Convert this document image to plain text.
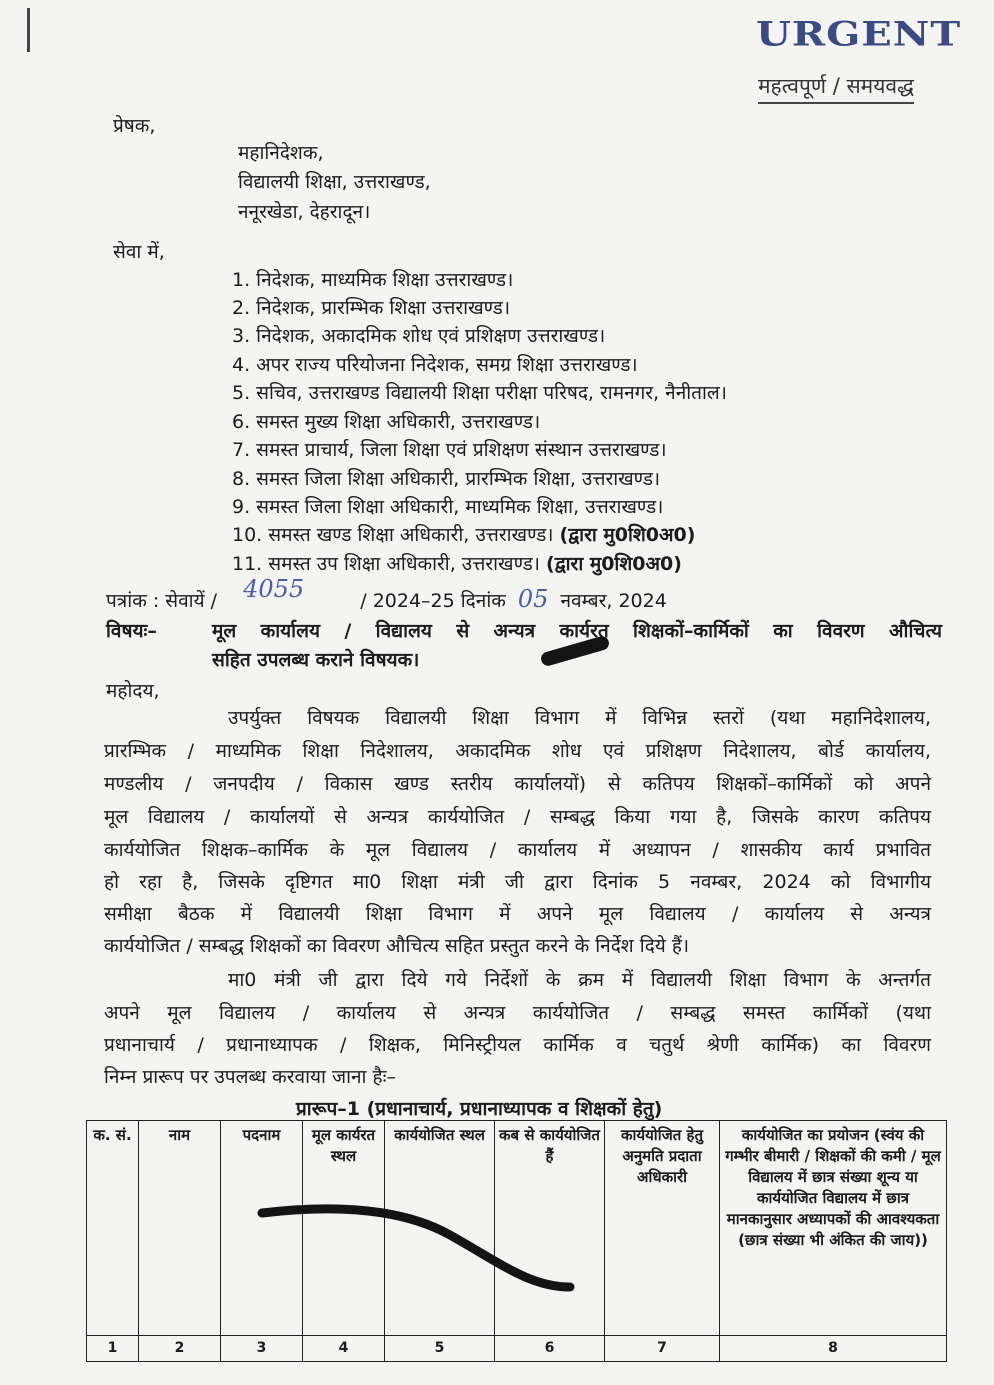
URGENT
महत्वपूर्ण / समयवद्ध
प्रेषक,
महानिदेशक,
विद्यालयी शिक्षा, उत्तराखण्ड,
ननूरखेडा, देहरादून।
सेवा में,
1. निदेशक, माध्यमिक शिक्षा उत्तराखण्ड।
2. निदेशक, प्रारम्भिक शिक्षा उत्तराखण्ड।
3. निदेशक, अकादमिक शोध एवं प्रशिक्षण उत्तराखण्ड।
4. अपर राज्य परियोजना निदेशक, समग्र शिक्षा उत्तराखण्ड।
5. सचिव, उत्तराखण्ड विद्यालयी शिक्षा परीक्षा परिषद, रामनगर, नैनीताल।
6. समस्त मुख्य शिक्षा अधिकारी, उत्तराखण्ड।
7. समस्त प्राचार्य, जिला शिक्षा एवं प्रशिक्षण संस्थान उत्तराखण्ड।
8. समस्त जिला शिक्षा अधिकारी, प्रारम्भिक शिक्षा, उत्तराखण्ड।
9. समस्त जिला शिक्षा अधिकारी, माध्यमिक शिक्षा, उत्तराखण्ड।
10. समस्त खण्ड शिक्षा अधिकारी, उत्तराखण्ड। (द्वारा मु0शि0अ0)
11. समस्त उप शिक्षा अधिकारी, उत्तराखण्ड। (द्वारा मु0शि0अ0)
पत्रांक : सेवायें / 4055	/ 2024–25 दिनांक 05 नवम्बर, 2024
विषयः–	मूल कार्यालय / विद्यालय से अन्यत्र कार्यरत शिक्षकों–कार्मिकों का विवरण औचित्य
सहित उपलब्ध कराने विषयक।
महोदय,
उपर्युक्त विषयक विद्यालयी शिक्षा विभाग में विभिन्न स्तरों (यथा महानिदेशालय,
प्रारम्भिक / माध्यमिक शिक्षा निदेशालय, अकादमिक शोध एवं प्रशिक्षण निदेशालय, बोर्ड कार्यालय,
मण्डलीय / जनपदीय / विकास खण्ड स्तरीय कार्यालयों) से कतिपय शिक्षकों–कार्मिकों को अपने
मूल विद्यालय / कार्यालयों से अन्यत्र कार्ययोजित / सम्बद्ध किया गया है, जिसके कारण कतिपय
कार्ययोजित शिक्षक–कार्मिक के मूल विद्यालय / कार्यालय में अध्यापन / शासकीय कार्य प्रभावित
हो रहा है, जिसके दृष्टिगत मा0 शिक्षा मंत्री जी द्वारा दिनांक 5 नवम्बर, 2024 को विभागीय
समीक्षा बैठक में विद्यालयी शिक्षा विभाग में अपने मूल विद्यालय / कार्यालय से अन्यत्र
कार्ययोजित / सम्बद्ध शिक्षकों का विवरण औचित्य सहित प्रस्तुत करने के निर्देश दिये हैं।
मा0 मंत्री जी द्वारा दिये गये निर्देशों के क्रम में विद्यालयी शिक्षा विभाग के अन्तर्गत
अपने मूल विद्यालय / कार्यालय से अन्यत्र कार्ययोजित / सम्बद्ध समस्त कार्मिकों (यथा
प्रधानाचार्य / प्रधानाध्यापक / शिक्षक, मिनिस्ट्रीयल कार्मिक व चतुर्थ श्रेणी कार्मिक) का विवरण
निम्न प्रारूप पर उपलब्ध करवाया जाना हैः–
प्रारूप–1 (प्रधानाचार्य, प्रधानाध्यापक व शिक्षकों हेतु)
क. सं.	नाम	पदनाम	मूल कार्यरत स्थल	कार्ययोजित स्थल	कब से कार्ययोजित हैं	कार्ययोजित हेतु अनुमति प्रदाता अधिकारी	कार्ययोजित का प्रयोजन (स्वंय की गम्भीर बीमारी / शिक्षकों की कमी / मूल विद्यालय में छात्र संख्या शून्य या कार्ययोजित विद्यालय में छात्र मानकानुसार अध्यापकों की आवश्यकता (छात्र संख्या भी अंकित की जाय))
1	2	3	4	5	6	7	8
